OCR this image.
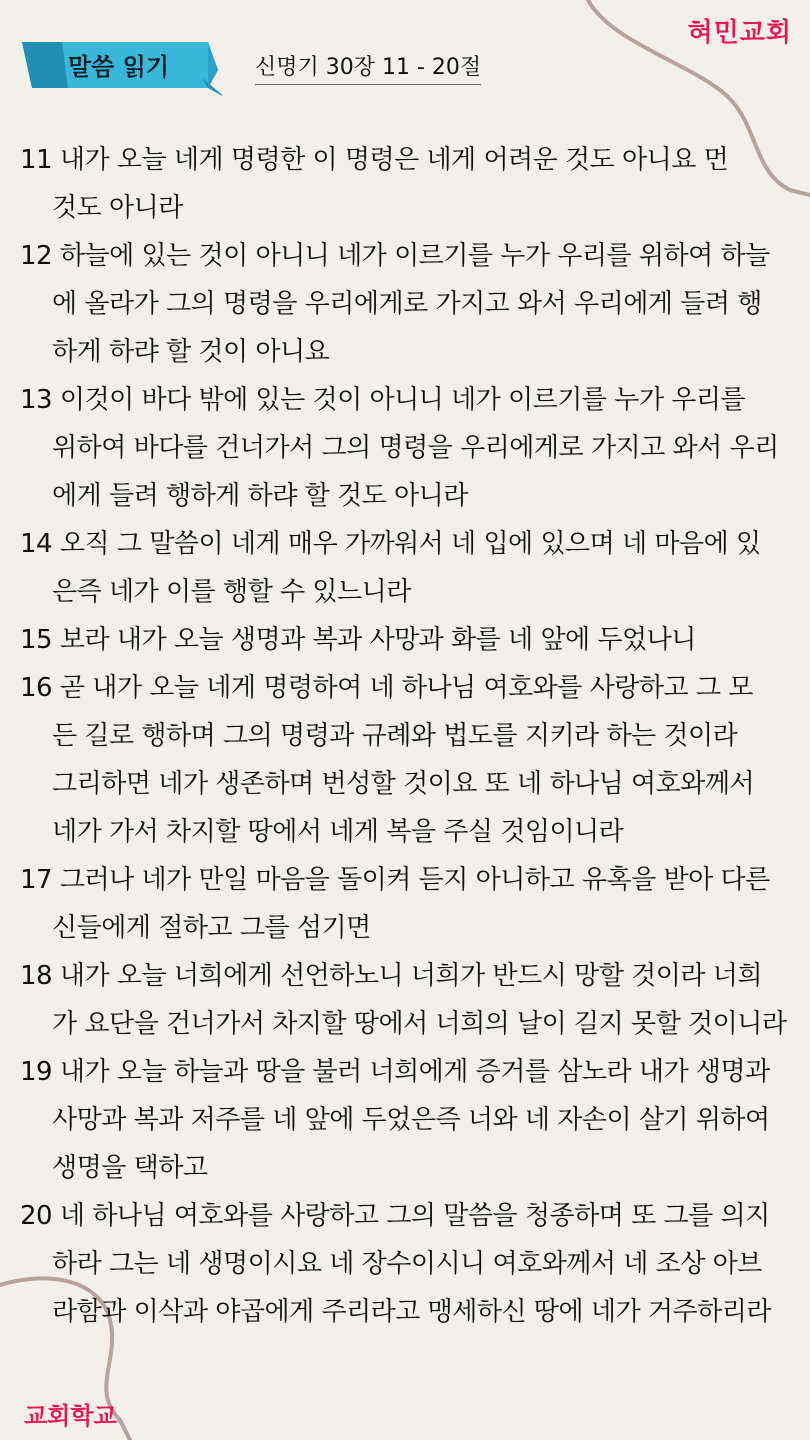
혀민교회
말씀 읽기	신명기 30장 11 - 20절
11 내가 오늘 네게 명령한 이 명령은 네게 어려운 것도 아니요 먼
것도 아니라
12 하늘에 있는 것이 아니니 네가 이르기를 누가 우리를 위하여 하늘
에 올라가 그의 명령을 우리에게로 가지고 와서 우리에게 들려 행
하게 하랴 할 것이 아니요
13 이것이 바다 밖에 있는 것이 아니니 네가 이르기를 누가 우리를
위하여 바다를 건너가서 그의 명령을 우리에게로 가지고 와서 우리
에게 들려 행하게 하랴 할 것도 아니라
14 오직 그 말씀이 네게 매우 가까워서 네 입에 있으며 네 마음에 있
은즉 네가 이를 행할 수 있느니라
15 보라 내가 오늘 생명과 복과 사망과 화를 네 앞에 두었나니
16 곧 내가 오늘 네게 명령하여 네 하나님 여호와를 사랑하고 그 모
든 길로 행하며 그의 명령과 규례와 법도를 지키라 하는 것이라
그리하면 네가 생존하며 번성할 것이요 또 네 하나님 여호와께서
네가 가서 차지할 땅에서 네게 복을 주실 것임이니라
17 그러나 네가 만일 마음을 돌이켜 듣지 아니하고 유혹을 받아 다른
신들에게 절하고 그를 섬기면
18 내가 오늘 너희에게 선언하노니 너희가 반드시 망할 것이라 너희
가 요단을 건너가서 차지할 땅에서 너희의 날이 길지 못할 것이니라
19 내가 오늘 하늘과 땅을 불러 너희에게 증거를 삼노라 내가 생명과
사망과 복과 저주를 네 앞에 두었은즉 너와 네 자손이 살기 위하여
생명을 택하고
20 네 하나님 여호와를 사랑하고 그의 말씀을 청종하며 또 그를 의지
하라 그는 네 생명이시요 네 장수이시니 여호와께서 네 조상 아브
라함과 이삭과 야곱에게 주리라고 맹세하신 땅에 네가 거주하리라
교회학교
